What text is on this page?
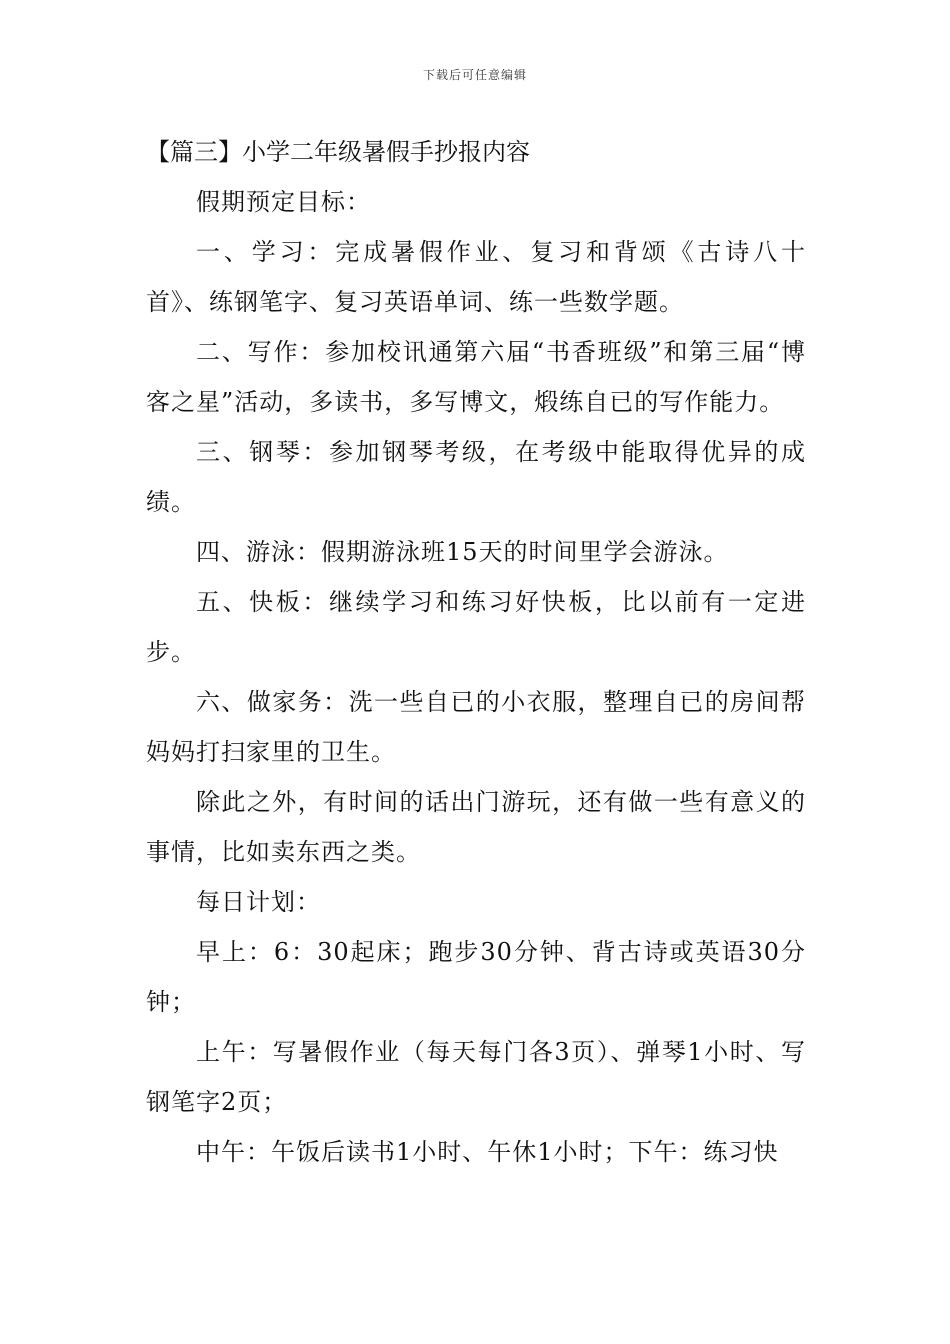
下载后可任意编辑

【篇三】小学二年级暑假手抄报内容

假期预定目标：

一、学习：完成暑假作业、复习和背颂《古诗八十首》、练钢笔字、复习英语单词、练一些数学题。

二、写作：参加校讯通第六届“书香班级”和第三届“博客之星”活动，多读书，多写博文，煅练自已的写作能力。

三、钢琴：参加钢琴考级，在考级中能取得优异的成绩。

四、游泳：假期游泳班15天的时间里学会游泳。

五、快板：继续学习和练习好快板，比以前有一定进步。

六、做家务：洗一些自已的小衣服，整理自已的房间帮妈妈打扫家里的卫生。

除此之外，有时间的话出门游玩，还有做一些有意义的事情，比如卖东西之类。

每日计划：

早上：6：30起床；跑步30分钟、背古诗或英语30分钟；

上午：写暑假作业（每天每门各3页）、弹琴1小时、写钢笔字2页；

中午：午饭后读书1小时、午休1小时；下午：练习快
